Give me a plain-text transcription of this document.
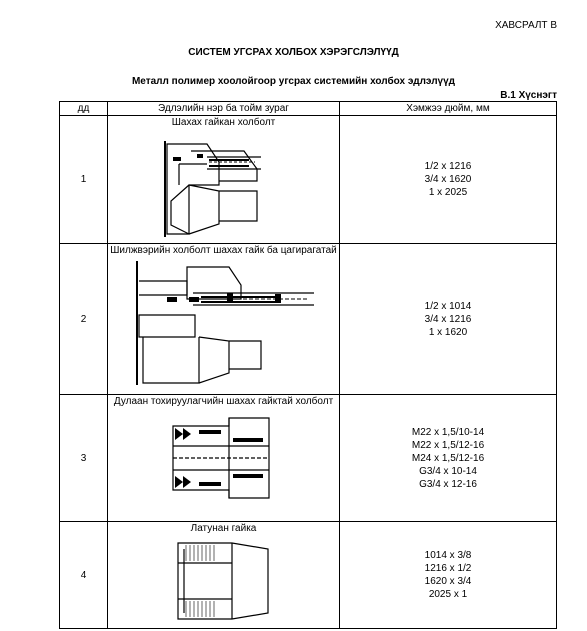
ХАВСРАЛТ В
СИСТЕМ УГСРАХ ХОЛБОХ ХЭРЭГСЛЭЛҮҮД
Металл полимер хоолойгоор угсрах системийн холбох эдлэлүүд
В.1 Хүснэгт
дд	Эдлэлийн нэр ба тойм зураг	Хэмжээ дюйм, мм
1	Шахах гайкан холболт	1/2 x 1216
3/4 x 1620
1 x 2025

2	Шилжвэрийн холболт шахах гайк ба цагирагатай	1/2 x 1014
3/4 x 1216
1 x 1620

3	Дулаан тохируулагчийн шахах гайктай холболт	M22 x 1,5/10-14
M22 x 1,5/12-16
M24 x 1,5/12-16
G3/4 x 10-14
G3/4 x 12-16

4	Латунан гайка	1014 x 3/8
1216 x 1/2
1620 x 3/4
2025 x 1
